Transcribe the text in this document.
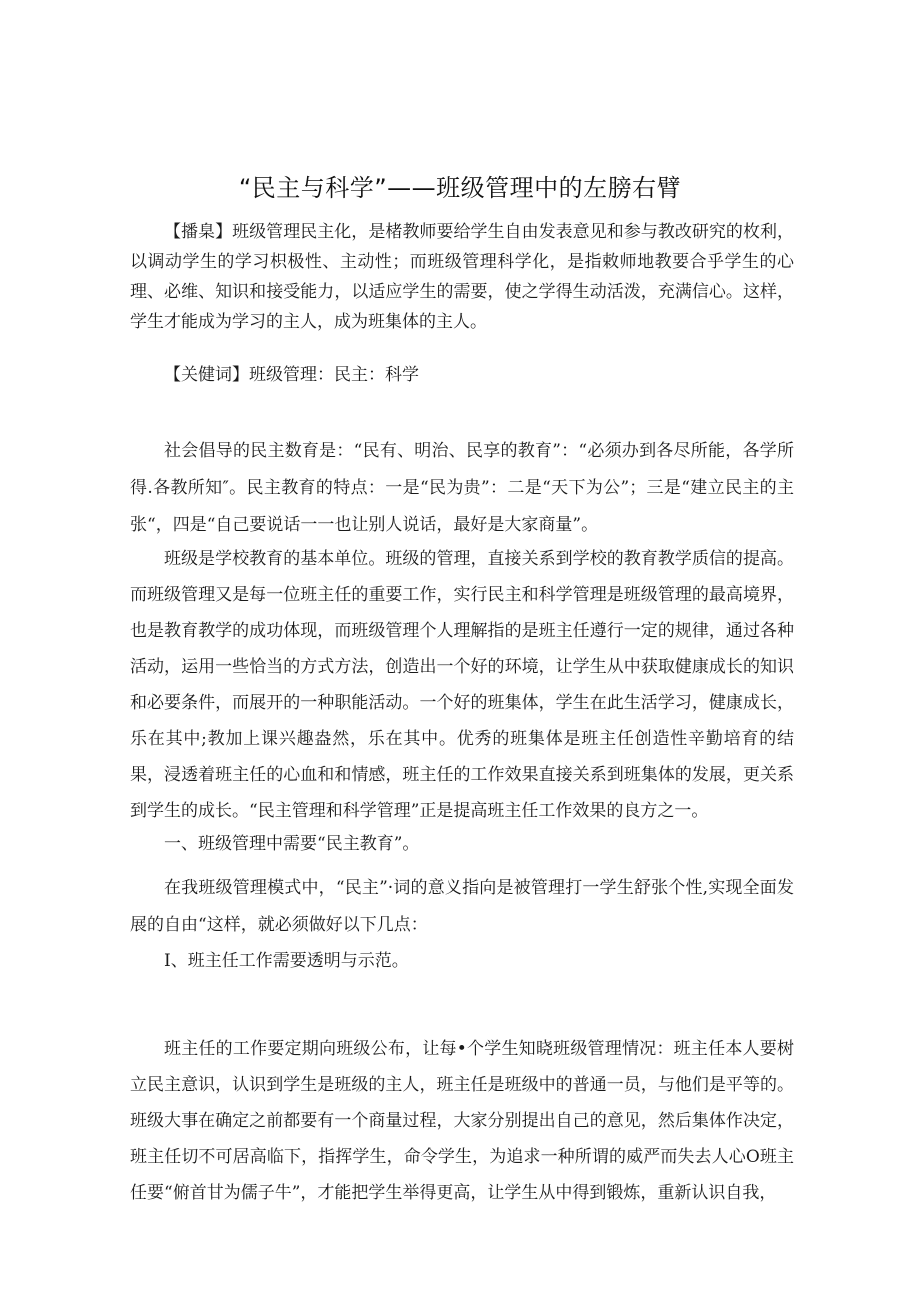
“民主与科学”——班级管理中的左膀右臂

【播臬】班级管理民主化，是楮教师要给学生自由发表意见和参与教改研究的枚利，以调动学生的学习枳极性、主动性；而班级管理科学化，是指敕师地教要合乎学生的心理、必维、知识和接受能力，以适应学生的需要，使之学得生动活泼，充满信心。这样，学生才能成为学习的主人，成为班集体的主人。

【关健词】班级管理：民主：科学

社会倡导的民主数育是：“民有、明治、民享的教育”：“必须办到各尽所能，各学所得.各教所知″。民主教育的特点：一是“民为贵”：二是“天下为公”；三是“建立民主的主张“，四是“自己要说话一一也让别人说话，最好是大家商量”。

班级是学校教育的基本单位。班级的管理，直接关系到学校的教育教学质信的提高。而班级管理又是每一位班主任的重要工作，实行民主和科学管理是班级管理的最高境界，也是教育教学的成功体现，而班级管理个人理解指的是班主任遵行一定的规律，通过各种活动，运用一些恰当的方式方法，创造出一个好的环境，让学生从中获取健康成长的知识和必要条件，而展开的一种职能活动。一个好的班集体，学生在此生活学习，健康成长，乐在其中;教加上课兴趣盎然，乐在其中。优秀的班集体是班主任创造性辛勤培育的结果，浸透着班主任的心血和和情感，班主任的工作效果直接关系到班集体的发展，更关系到学生的成长。“民主管理和科学管理”正是提高班主任工作效果的良方之一。

一、班级管理中需要“民主教育”。

在我班级管理模式中，“民主”·词的意义指向是被管理打一学生舒张个性,实现全面发展的自由“这样，就必须做好以下几点：

I、班主任工作需要透明与示范。

班主任的工作要定期向班级公布，让每•个学生知晓班级管理情况：班主任本人要树立民主意识，认识到学生是班级的主人，班主任是班级中的普通一员，与他们是平等的。班级大事在确定之前都要有一个商量过程，大家分别提出自己的意见，然后集体作决定，班主任切不可居高临下，指挥学生，命令学生，为追求一种所谓的威严而失去人心O班主任要“俯首甘为儒子牛”，才能把学生举得更高，让学生从中得到锻炼，重新认识自我，
